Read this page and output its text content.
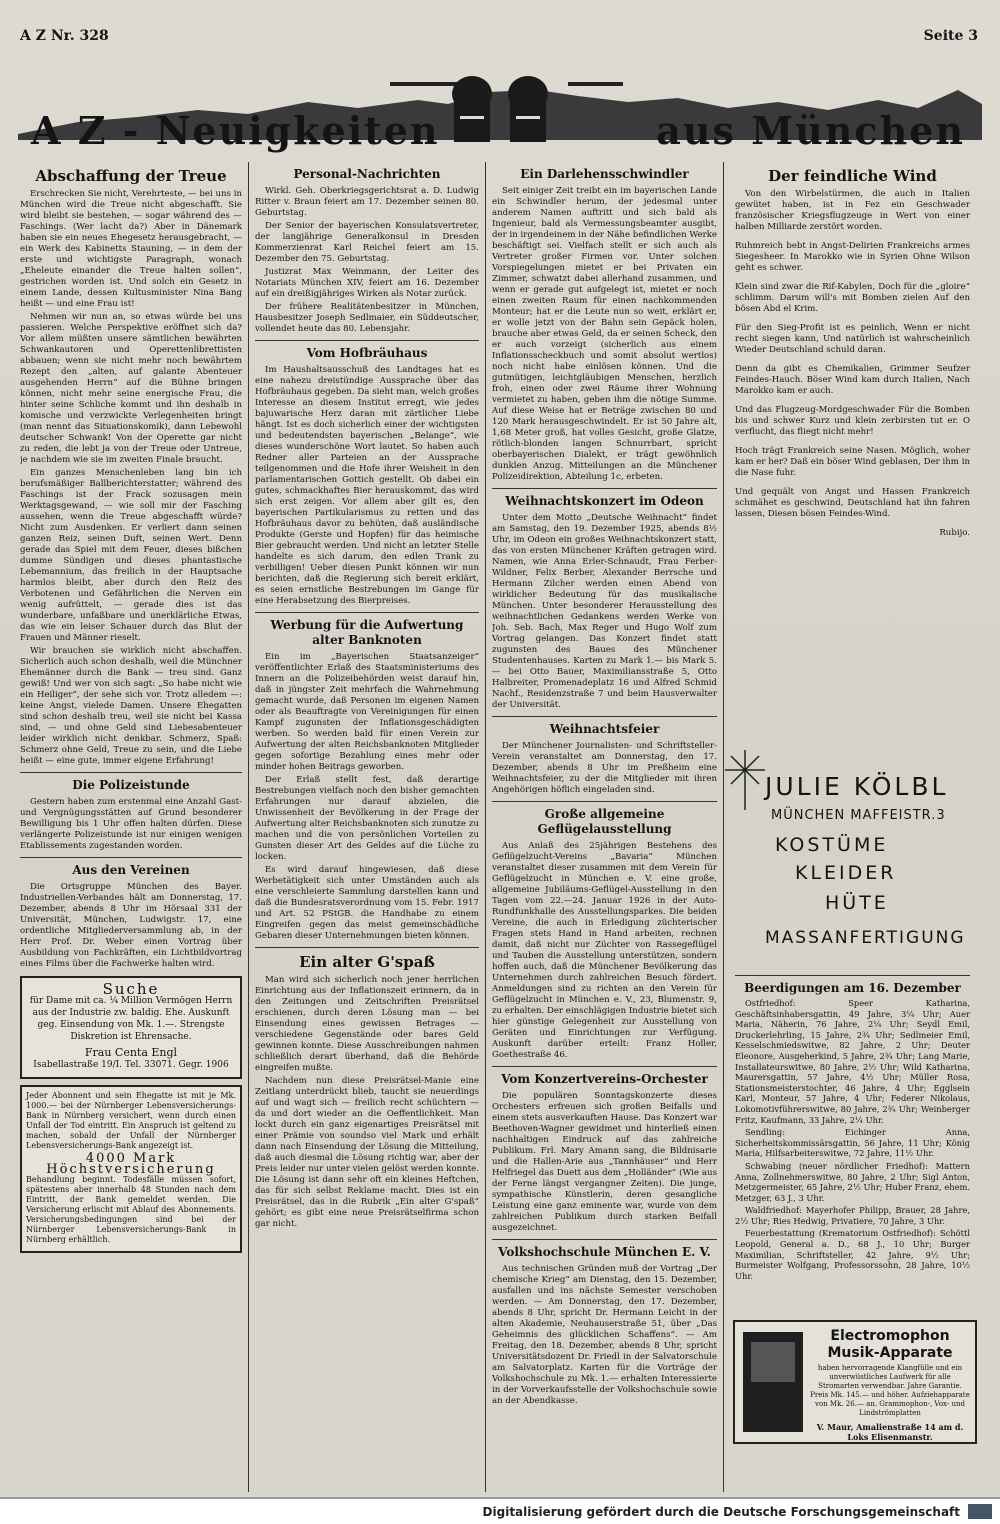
A Z Nr. 328	Seite 3
A Z - Neuigkeiten	aus München
Abschaffung der Treue

Erschrecken Sie nicht, Verehrteste, — bei uns in München wird die Treue nicht abgeschafft. Sie wird bleibt sie bestehen, — sogar während des — Faschings. (Wer lacht da?) Aber in Dänemark haben sie ein neues Ehegesetz herausgebracht, — ein Werk des Kabinetts Stauning, — in dem der erste und wichtigste Paragraph, wonach „Eheleute einander die Treue halten sollen“, gestrichen worden ist. Und solch ein Gesetz in einem Lande, dessen Kultusminister Nina Bang heißt — und eine Frau ist!

Nehmen wir nun an, so etwas würde bei uns passieren. Welche Perspektive eröffnet sich da? Vor allem müßten unsere sämtlichen bewährten Schwankautoren und Operettenlibrettisten abbauen; wenn sie nicht mehr noch bewährtem Rezept den „alten, auf galante Abenteuer ausgehenden Herrn“ auf die Bühne bringen können, nicht mehr seine energische Frau, die hinter seine Schliche kommt und ihn deshalb in komische und verzwickte Verlegenheiten bringt (man nennt das Situationskomik), dann Lebewohl deutscher Schwank! Von der Operette gar nicht zu reden, die lebt ja von der Treue oder Untreue, je nachdem wie sie im zweiten Finale braucht.

Ein ganzes Menschenleben lang bin ich berufsmäßiger Ballberichterstatter; während des Faschings ist der Frack sozusagen mein Werktagsgewand, — wie soll mir der Fasching aussehen, wenn die Treue abgeschafft würde? Nicht zum Ausdenken. Er verliert dann seinen ganzen Reiz, seinen Duft, seinen Wert. Denn gerade das Spiel mit dem Feuer, dieses bißchen dumme Sündigen und dieses phantastische Lebemannium, das freilich in der Hauptsache harmlos bleibt, aber durch den Reiz des Verbotenen und Gefährlichen die Nerven ein wenig aufrüttelt, — gerade dies ist das wunderbare, unfaßbare und unerklärliche Etwas, das wie ein leiser Schauer durch das Blut der Frauen und Männer rieselt.

Wir brauchen sie wirklich nicht abschaffen. Sicherlich auch schon deshalb, weil die Münchner Ehemänner durch die Bank — treu sind. Ganz gewiß! Und wer von sich sagt: „So habe nicht wie ein Heiliger“, der sehe sich vor. Trotz alledem —: keine Angst, vielede Damen. Unsere Ehegatten sind schon deshalb treu, weil sie nicht bei Kassa sind, — und ohne Geld sind Liebesabenteuer leider wirklich nicht denkbar. Schmerz, Spaß: Schmerz ohne Geld, Treue zu sein, und die Liebe heißt — eine gute, immer eigene Erfahrung!

Die Polizeistunde

Gestern haben zum erstenmal eine Anzahl Gast- und Vergnügungsstätten auf Grund besonderer Bewilligung bis 1 Uhr offen halten dürfen. Diese verlängerte Polizeistunde ist nur einigen wenigen Etablissements zugestanden worden.

Aus den Vereinen

Die Ortsgruppe München des Bayer. Industriellen-Verbandes hält am Donnerstag, 17. Dezember, abends 8 Uhr im Hörsaal 331 der Universität, München, Ludwigstr. 17, eine ordentliche Mitgliederversammlung ab, in der Herr Prof. Dr. Weber einen Vortrag über Ausbildung von Fachkräften, ein Lichtbildvortrag eines Films über die Fachwerke halten wird.

Suche
für Dame mit ca. ¼ Million Vermögen Herrn aus der Industrie zw. baldig. Ehe. Auskunft geg. Einsendung von Mk. 1.—. Strengste Diskretion ist Ehrensache.
Frau Centa Engl
Isabellastraße 19/I. Tel. 33071. Gegr. 1906

Jeder Abonnent und sein Ehegatte ist mit je Mk. 1000.— bei der Nürnberger Lebensversicherungs-Bank in Nürnberg versichert, wenn durch einen Unfall der Tod eintritt. Ein Anspruch ist geltend zu machen, sobald der Unfall der Nürnberger Lebensversicherungs-Bank angezeigt ist.

4000 Mark
Höchstversicherung

Behandlung beginnt. Todesfälle müssen sofort, spätestens aber innerhalb 48 Stunden nach dem Eintritt, der Bank gemeldet werden. Die Versicherung erlischt mit Ablauf des Abonnements. Versicherungsbedingungen sind bei der Nürnberger Lebensversicherungs-Bank in Nürnberg erhältlich.

Personal-Nachrichten

Wirkl. Geh. Oberkriegsgerichtsrat a. D. Ludwig Ritter v. Braun feiert am 17. Dezember seinen 80. Geburtstag.

Der Senior der bayerischen Konsulatsvertreter, der langjährige Generalkonsul in Dresden Kommerzienrat Karl Reichel feiert am 15. Dezember den 75. Geburtstag.

Justizrat Max Weinmann, der Leiter des Notariats München XIV, feiert am 16. Dezember auf ein dreißigjähriges Wirken als Notar zurück.

Der frühere Realitätenbesitzer in München, Hausbesitzer Joseph Sedlmaier, ein Süddeutscher, vollendet heute das 80. Lebensjahr.

Vom Hofbräuhaus

Im Haushaltsausschuß des Landtages hat es eine nahezu dreistündige Aussprache über das Hofbräuhaus gegeben. Da sieht man, welch großes Interesse an diesem Institut erregt, wie jedes bajuwarische Herz daran mit zärtlicher Liebe hängt. Ist es doch sicherlich einer der wichtigsten und bedeutendsten bayerischen „Belange“, wie dieses wunderschöne Wort lautet. So haben auch Redner aller Parteien an der Aussprache teilgenommen und die Hofe ihrer Weisheit in den parlamentarischen Gottich gestellt. Ob dabei ein gutes, schmackhaftes Bier herauskommt, das wird sich erst zeigen. Vor allem aber gilt es, den bayerischen Partikularismus zu retten und das Hofbräuhaus davor zu behüten, daß ausländische Produkte (Gerste und Hopfen) für das heimische Bier gebraucht werden. Und nicht an letzter Stelle handelte es sich darum, den edlen Trank zu verbilligen! Ueber diesen Punkt können wir nun berichten, daß die Regierung sich bereit erklärt, es seien ernstliche Bestrebungen im Gange für eine Herabsetzung des Bierpreises.

Werbung für die Aufwertung alter Banknoten

Ein im „Bayerischen Staatsanzeiger“ veröffentlichter Erlaß des Staatsministeriums des Innern an die Polizeibehörden weist darauf hin, daß in jüngster Zeit mehrfach die Wahrnehmung gemacht wurde, daß Personen im eigenen Namen oder als Beauftragte von Vereinigungen für einen Kampf zugunsten der Inflationsgeschädigten werben. So werden bald für einen Verein zur Aufwertung der alten Reichsbanknoten Mitglieder gegen sofortige Bezahlung eines mehr oder minder hohen Beitrags geworben.

Der Erlaß stellt fest, daß derartige Bestrebungen vielfach noch den bisher gemachten Erfahrungen nur darauf abzielen, die Unwissenheit der Bevölkerung in der Frage der Aufwertung alter Reichsbanknoten sich zunutze zu machen und die von persönlichen Vorteilen zu Gunsten dieser Art des Geldes auf die Lüche zu locken.

Es wird darauf hingewiesen, daß diese Werbetätigkeit sich unter Umständen auch als eine verschleierte Sammlung darstellen kann und daß die Bundesratsverordnung vom 15. Febr. 1917 und Art. 52 PStGB. die Handhabe zu einem Eingreifen gegen das meist gemeinschädliche Gebaren dieser Unternehmungen bieten können.

Ein alter G'spaß

Man wird sich sicherlich noch jener herrlichen Einrichtung aus der Inflationszeit erinnern, da in den Zeitungen und Zeitschriften Preisrätsel erschienen, durch deren Lösung man — bei Einsendung eines gewissen Betrages — verschiedene Gegenstände oder bares Geld gewinnen konnte. Diese Ausschreibungen nahmen schließlich derart überhand, daß die Behörde eingreifen mußte.

Nachdem nun diese Preisrätsel-Manie eine Zeitlang unterdrückt blieb, taucht sie neuerdings auf und wagt sich — freilich recht schüchtern — da und dort wieder an die Oeffentlichkeit. Man lockt durch ein ganz eigenartiges Preisrätsel mit einer Prämie von soundso viel Mark und erhält dann nach Einsendung der Lösung die Mitteilung, daß auch diesmal die Lösung richtig war, aber der Preis leider nur unter vielen gelöst werden konnte. Die Lösung ist dann sehr oft ein kleines Heftchen, das für sich selbst Reklame macht. Dies ist ein Preisrätsel, das in die Rubrik „Ein alter G'spaß“ gehört; es gibt eine neue Preisrätselfirma schon gar nicht.

Ein Darlehensschwindler

Seit einiger Zeit treibt ein im bayerischen Lande ein Schwindler herum, der jedesmal unter anderem Namen auftritt und sich bald als Ingenieur, bald als Vermessungsbeamter ausgibt, der in irgendeinem in der Nähe befindlichen Werke beschäftigt sei. Vielfach stellt er sich auch als Vertreter großer Firmen vor. Unter solchen Vorspiegelungen mietet er bei Privaten ein Zimmer, schwatzt dabei allerhand zusammen, und wenn er gerade gut aufgelegt ist, mietet er noch einen zweiten Raum für einen nachkommenden Monteur; hat er die Leute nun so weit, erklärt er, er wolle jetzt von der Bahn sein Gepäck holen, brauche aber etwas Geld, da er seinen Scheck, den er auch vorzeigt (sicherlich aus einem Inflationsscheckbuch und somit absolut wertlos) noch nicht habe einlösen können. Und die gutmütigen, leichtgläubigen Menschen, herzlich froh, einen oder zwei Räume ihrer Wohnung vermietet zu haben, geben ihm die nötige Summe. Auf diese Weise hat er Beträge zwischen 80 und 120 Mark herausgeschwindelt. Er ist 50 Jahre alt, 1,68 Meter groß, hat volles Gesicht, große Glatze, rötlich-blonden langen Schnurrbart, spricht oberbayerischen Dialekt, er trägt gewöhnlich dunklen Anzug. Mitteilungen an die Münchener Polizeidirektion, Abteilung 1c, erbeten.

Weihnachtskonzert im Odeon

Unter dem Motto „Deutsche Weihnacht“ findet am Samstag, den 19. Dezember 1925, abends 8½ Uhr, im Odeon ein großes Weihnachtskonzert statt, das von ersten Münchener Kräften getragen wird. Namen, wie Anna Erler-Schnaudt, Frau Ferber-Wildner, Felix Berber, Alexander Berrsche und Hermann Zilcher werden einen Abend von wirklicher Bedeutung für das musikalische München. Unter besonderer Herausstellung des weihnachtlichen Gedankens werden Werke von Joh. Seb. Bach, Max Reger und Hugo Wolf zum Vortrag gelangen. Das Konzert findet statt zugunsten des Baues des Münchener Studentenhauses. Karten zu Mark 1.— bis Mark 5.— bei Otto Bauer, Maximiliansstraße 5, Otto Halbreiter, Promenadeplatz 16 und Alfred Schmid Nachf., Residenzstraße 7 und beim Hausverwalter der Universität.

Weihnachtsfeier

Der Münchener Journalisten- und Schriftsteller-Verein veranstaltet am Donnerstag, den 17. Dezember, abends 8 Uhr im Preßheim eine Weihnachtsfeier, zu der die Mitglieder mit ihren Angehörigen höflich eingeladen sind.

Große allgemeine Geflügelausstellung

Aus Anlaß des 25jährigen Bestehens des Geflügelzucht-Vereins „Bavaria“ München veranstaltet dieser zusammen mit dem Verein für Geflügelzucht in München e. V. eine große, allgemeine Jubiläums-Geflügel-Ausstellung in den Tagen vom 22.—24. Januar 1926 in der Auto-Rundfunkhalle des Ausstellungsparkes. Die beiden Vereine, die auch in Erledigung züchterischer Fragen stets Hand in Hand arbeiten, rechnen damit, daß nicht nur Züchter von Rassegeflügel und Tauben die Ausstellung unterstützen, sondern hoffen auch, daß die Münchener Bevölkerung das Unternehmen durch zahlreichen Besuch fördert. Anmeldungen sind zu richten an den Verein für Geflügelzucht in München e. V., 23, Blumenstr. 9, zu erhalten. Der einschlägigen Industrie bietet sich hier günstige Gelegenheit zur Ausstellung von Geräten und Einrichtungen zur Verfügung. Auskunft darüber erteilt: Franz Holler, Goethestraße 46.

Vom Konzertvereins-Orchester

Die populären Sonntagskonzerte dieses Orchesters erfreuen sich großen Beifalls und einem stets ausverkauften Hause. Das Konzert war Beethoven-Wagner gewidmet und hinterließ einen nachhaltigen Eindruck auf das zahlreiche Publikum. Frl. Mary Amann sang, die Bildnisarie und die Hallen-Arie aus „Tannhäuser“ und Herr Helfriegel das Duett aus dem „Holländer“ (Wie aus der Ferne längst vergangner Zeiten). Die junge, sympathische Künstlerin, deren gesangliche Leistung eine ganz eminente war, wurde von dem zahlreichen Publikum durch starken Beifall ausgezeichnet.

Volkshochschule München E. V.

Aus technischen Gründen muß der Vortrag „Der chemische Krieg“ am Dienstag, den 15. Dezember, ausfallen und ins nächste Semester verschoben werden. — Am Donnerstag, den 17. Dezember, abends 8 Uhr, spricht Dr. Hermann Leicht in der alten Akademie, Neuhauserstraße 51, über „Das Geheimnis des glücklichen Schaffens“. — Am Freitag, den 18. Dezember, abends 8 Uhr, spricht Universitätsdozent Dr. Friedl in der Salvatorschule am Salvatorplatz. Karten für die Vorträge der Volkshochschule zu Mk. 1.— erhalten Interessierte in der Vorverkaufsstelle der Volkshochschule sowie an der Abendkasse.

Der feindliche Wind

Von den Wirbelstürmen, die auch in Italien gewütet haben, ist in Fez ein Geschwader französischer Kriegsflugzeuge in Wert von einer halben Milliarde zerstört worden.

Ruhmreich bebt in Angst-Delirien Frankreichs armes Siegesheer. In Marokko wie in Syrien Ohne Wilson geht es schwer.

Klein sind zwar die Rif-Kabylen, Doch für die „gloire“ schlimm. Darum will's mit Bomben zielen Auf den bösen Abd el Krim.

Für den Sieg-Profit ist es peinlich, Wenn er nicht recht siegen kann, Und natürlich ist wahrscheinlich Wieder Deutschland schuld daran.

Denn da gibt es Chemikalien, Grimmer Seufzer Feindes-Hauch. Böser Wind kam durch Italien, Nach Marokko kam er auch.

Und das Flugzeug-Mordgeschwader Für die Bomben bis und schwer Kurz und klein zerbirsten tut er. O verflucht, das fliegt nicht mehr!

Hoch trägt Frankreich seine Nasen. Möglich, woher kam er her? Daß ein böser Wind geblasen, Der ihm in die Nase fuhr.

Und gequält von Angst und Hassen Frankreich schmähet es geschwind, Deutschland hat ihn fahren lassen, Diesen bösen Feindes-Wind.

Rubijo.

JULIE KÖLBL
MÜNCHEN MAFFEISTR.3
KOSTÜME
KLEIDER
HÜTE
MASSANFERTIGUNG
Beerdigungen am 16. Dezember

Ostfriedhof: Speer Katharina, Geschäftsinhabersgattin, 49 Jahre, 3¼ Uhr; Auer Maria, Näherin, 76 Jahre, 2¼ Uhr; Seydl Emil, Druckerlehrling, 15 Jahre, 2¾ Uhr; Sedlmeier Emil, Kesselschmiedswitwe, 82 Jahre, 2 Uhr; Deuter Eleonore, Ausgeherkind, 5 Jahre, 2¾ Uhr; Lang Marie, Installateurswitwe, 80 Jahre, 2½ Uhr; Wild Katharina, Maurersgattin, 57 Jahre, 4½ Uhr; Müller Rosa, Stationsmeisterstochter, 46 Jahre, 4 Uhr; Egglsein Karl, Monteur, 57 Jahre, 4 Uhr; Federer Nikolaus, Lokomotivführerswitwe, 80 Jahre, 2¾ Uhr; Weinberger Fritz, Kaufmann, 33 Jahre, 2¼ Uhr.

Sendling: Eichinger Anna, Sicherheitskommissärsgattin, 56 Jahre, 11 Uhr; König Maria, Hilfsarbeiterswitwe, 72 Jahre, 11½ Uhr.

Schwabing (neuer nördlicher Friedhof): Mattern Anna, Zollnehmerswitwe, 80 Jahre, 2 Uhr; Sigl Anton, Metzgermeister, 65 Jahre, 2½ Uhr; Huber Franz, ehem. Metzger, 63 J., 3 Uhr.

Waldfriedhof: Mayerhofer Philipp, Brauer, 28 Jahre, 2½ Uhr; Ries Hedwig, Privatiere, 70 Jahre, 3 Uhr.

Feuerbestattung (Krematorium Ostfriedhof): Schöttl Leopold, General a. D., 68 J., 10 Uhr; Burger Maximilian, Schriftsteller, 42 Jahre, 9½ Uhr; Burmeister Wolfgang, Professorssohn, 28 Jahre, 10½ Uhr.

Electromophon
Musik-Apparate
haben hervorragende Klangfülle und ein unverwüstliches Laufwerk für alle Stromarten verwendbar. Jahre Garantie. Preis Mk. 145.— und höher. Aufziehapparate von Mk. 26.— an. Grammophon-, Vox- und Lindströmplatten
V. Maur, Amalienstraße 14 am d. Loks Elisenmanstr.
Digitalisierung gefördert durch die Deutsche Forschungsgemeinschaft
